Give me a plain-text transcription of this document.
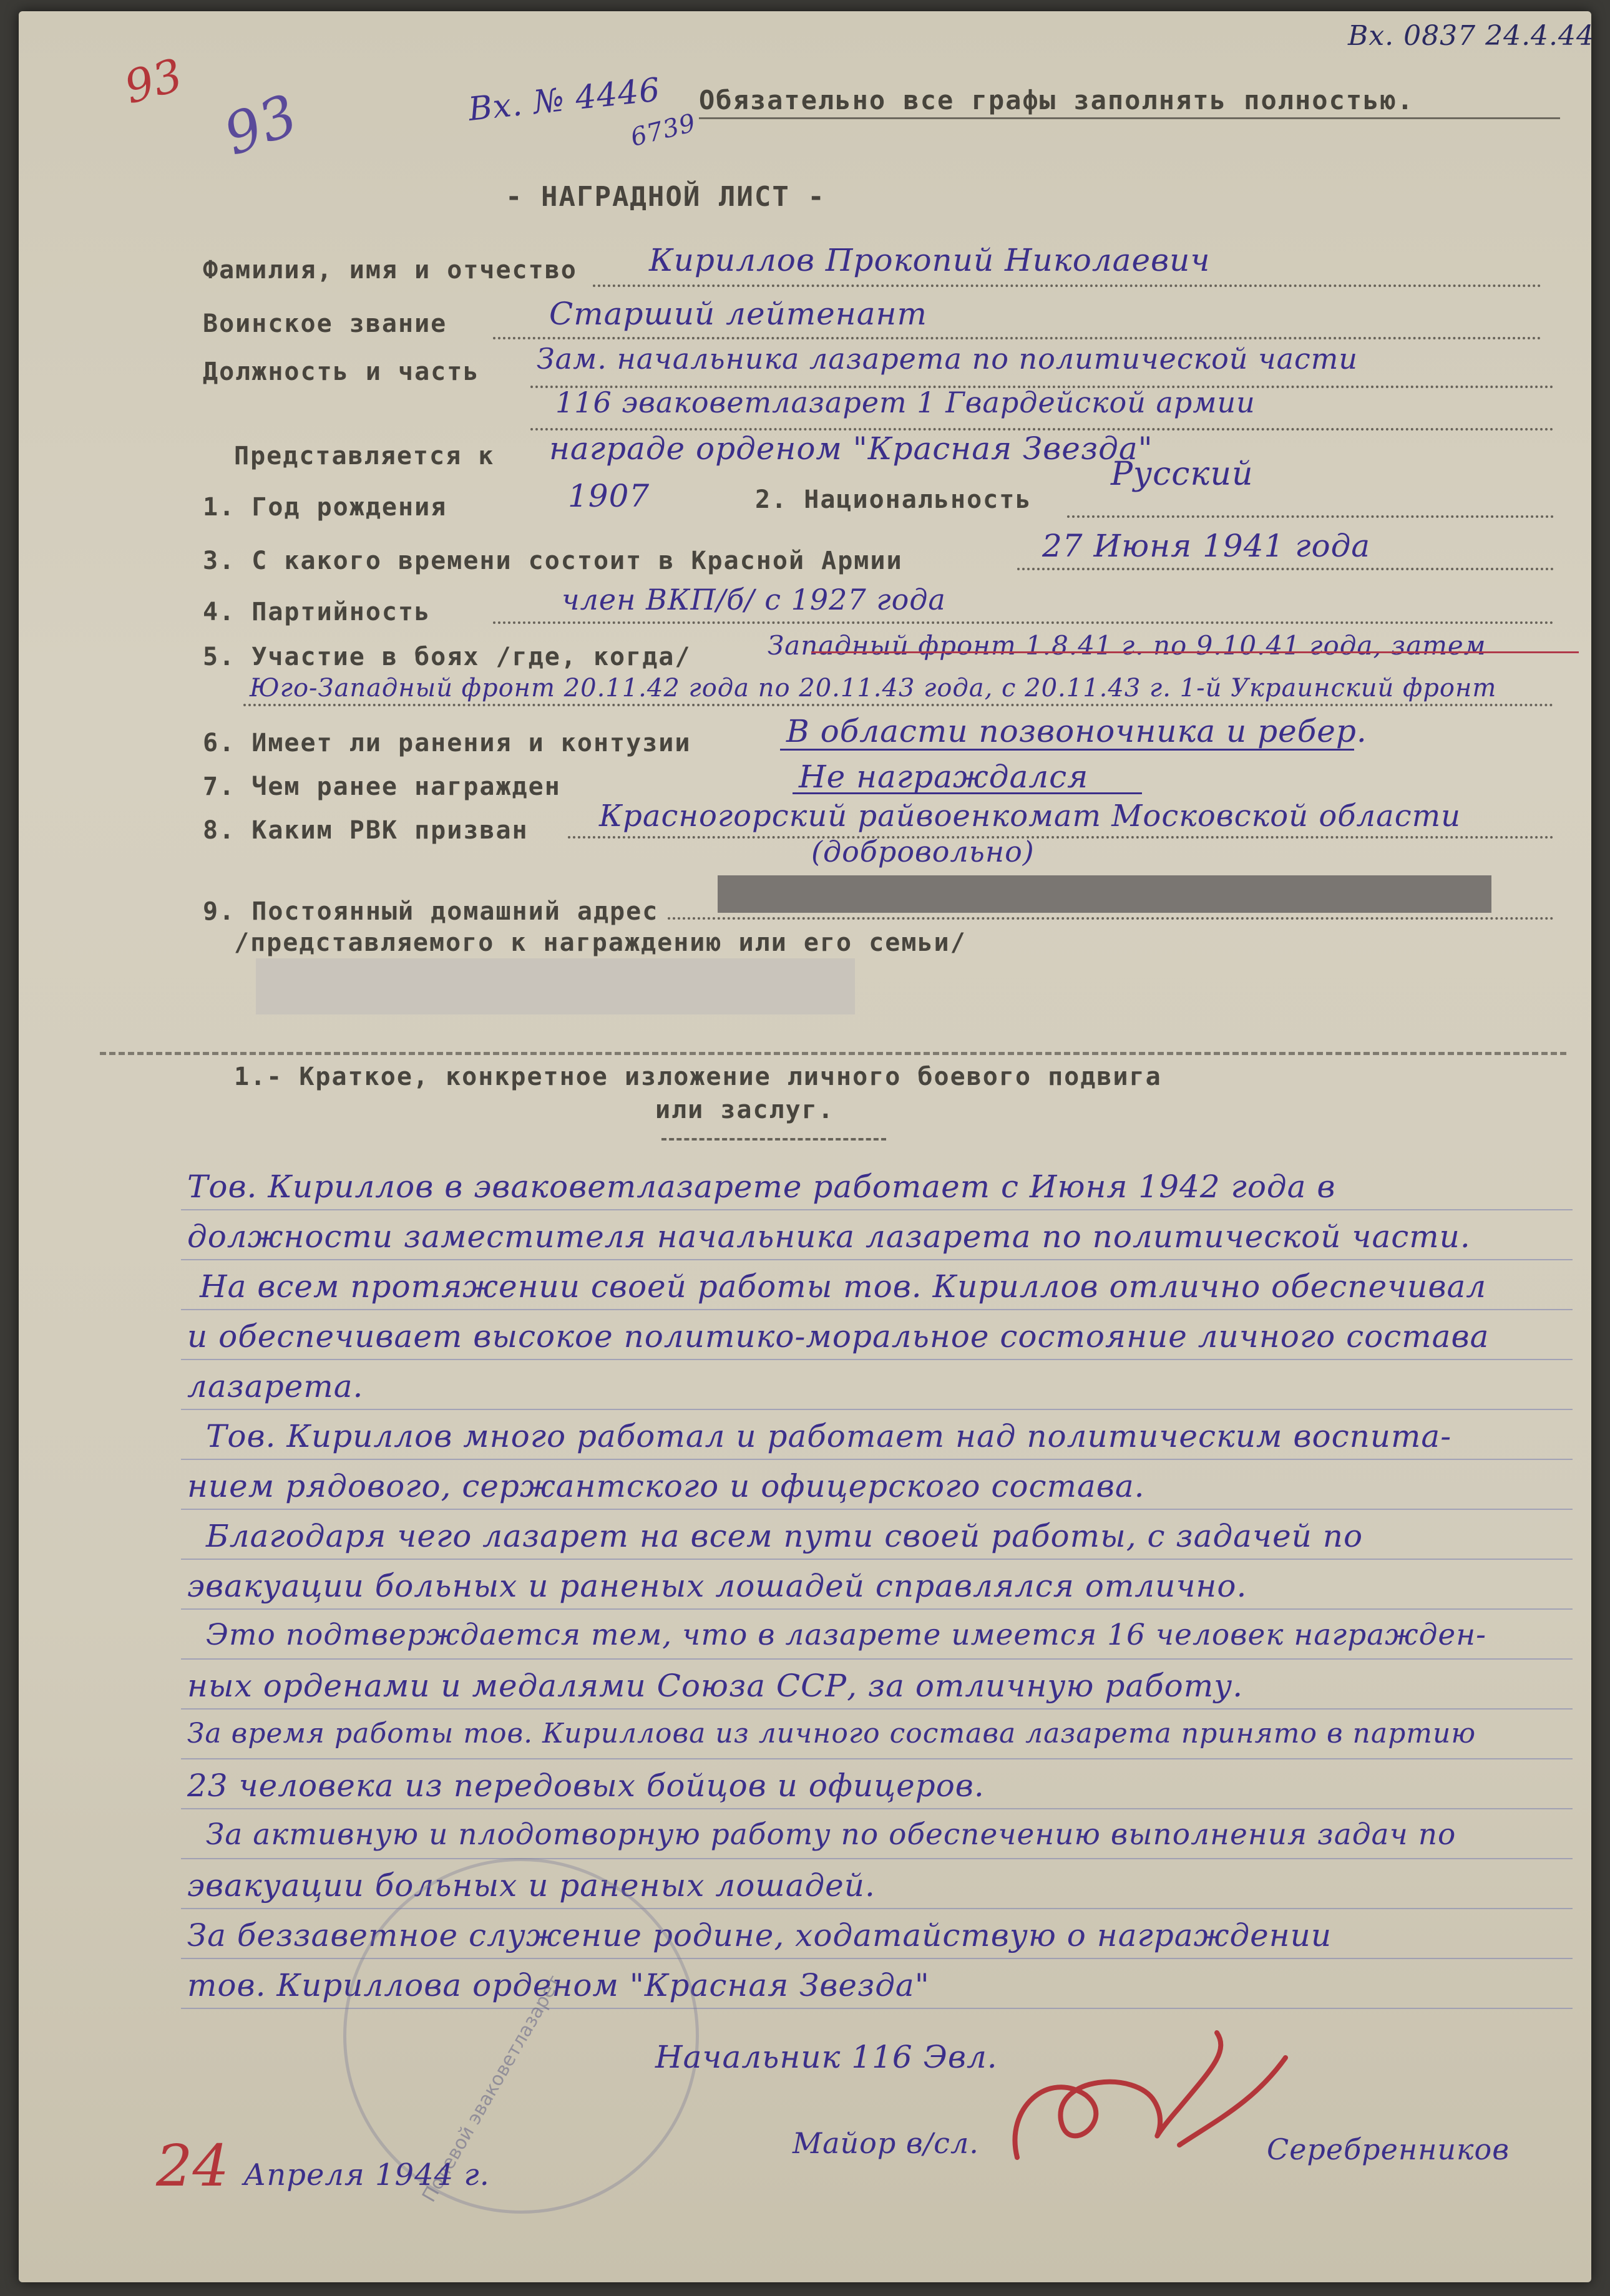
93
93
Вх. 0837 24.4.44
Вх. № 4446
6739
Обязательно все графы заполнять полностью.
- НАГРАДНОЙ ЛИСТ -
Фамилия, имя и отчество Кириллов Прокопий Николаевич
Воинское звание	Старший лейтенант
Должность и часть Зам. начальника лазарета по политической части
116 эваковетлазарет 1 Гвардейской армии
Представляется к награде орденом "Красная Звезда"
1. Год рождения	1907	2. Национальность
Русский
3. С какого времени состоит в Красной Армии	27 Июня 1941 года
4. Партийность	член ВКП/б/ с 1927 года
5. Участие в боях /где, когда/	Западный фронт 1.8.41 г. по 9.10.41 года, затем
Юго-Западный фронт 20.11.42 года по 20.11.43 года, с 20.11.43 г. 1-й Украинский фронт
6. Имеет ли ранения и контузии	В области позвоночника и ребер.
7. Чем ранее награжден	Не награждался
8. Каким РВК призван Красногорский райвоенкомат Московской области
(добровольно)
9. Постоянный домашний адрес
/представляемого к награждению или его семьи/
1.- Краткое, конкретное изложение личного боевого подвига
или заслуг.
Тов. Кириллов в эваковетлазарете работает с Июня 1942 года в
должности заместителя начальника лазарета по политической части.
На всем протяжении своей работы тов. Кириллов отлично обеспечивал
и обеспечивает высокое политико-моральное состояние личного состава
лазарета.
Тов. Кириллов много работал и работает над политическим воспита-
нием рядового, сержантского и офицерского состава.
Благодаря чего лазарет на всем пути своей работы, с задачей по
эвакуации больных и раненых лошадей справлялся отлично.
Это подтверждается тем, что в лазарете имеется 16 человек награжден-
ных орденами и медалями Союза ССР, за отличную работу.
За время работы тов. Кириллова из личного состава лазарета принято в партию
23 человека из передовых бойцов и офицеров.
За активную и плодотворную работу по обеспечению выполнения задач по
эвакуации больных и раненых лошадей.
За беззаветное служение родине, ходатайствую о награждении
тов. Кириллова орденом "Красная Звезда"
Полевой эваковетлазарет	Начальник 116 Эвл.
Майор в/сл.	Серебренников
24 Апреля 1944 г.
